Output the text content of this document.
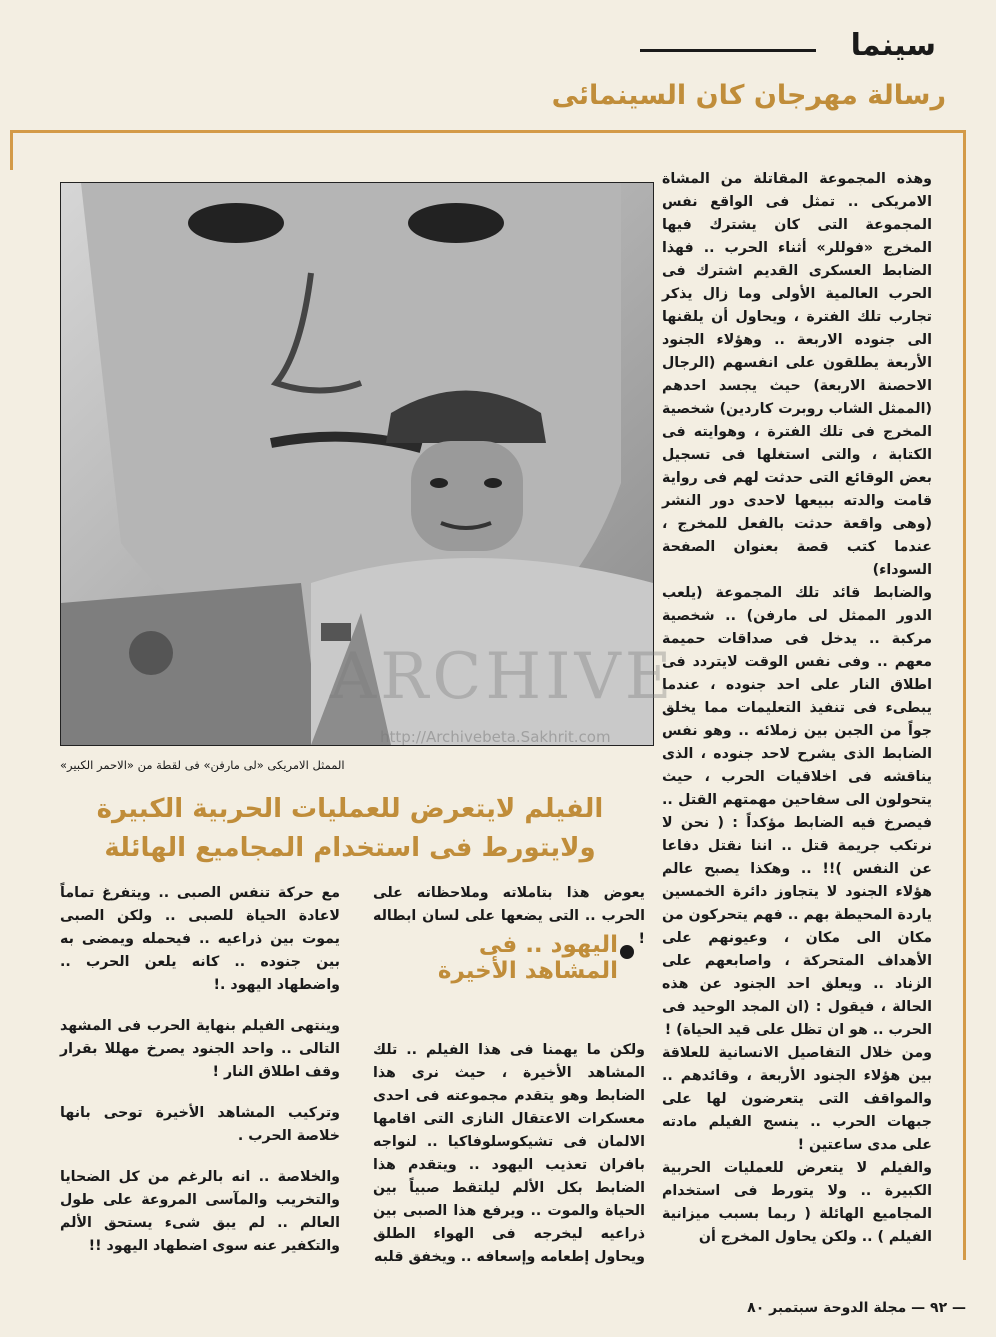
سينما
رسالة مهرجان كان السينمائى
ARCHIVE
http://Archivebeta.Sakhrit.com
الممثل الامريكى «لى مارفن» فى لقطة من «الاحمر الكبير»
الفيلم لايتعرض للعمليات الحربية الكبيرة
ولايتورط فى استخدام المجاميع الهائلة

وهذه المجموعة المقاتلة من المشاة الامريكى .. تمثل فى الواقع نفس المجموعة التى كان يشترك فيها المخرج «فوللر» أثناء الحرب .. فهذا الضابط العسكرى القديم اشترك فى الحرب العالمية الأولى وما زال يذكر تجارب تلك الفترة ، ويحاول أن يلقنها الى جنوده الاربعة .. وهؤلاء الجنود الأربعة يطلقون على انفسهم (الرجال الاحصنة الاربعة) حيث يجسد احدهم (الممثل الشاب روبرت كاردين) شخصية المخرج فى تلك الفترة ، وهوايته فى الكتابة ، والتى استغلها فى تسجيل بعض الوقائع التى حدثت لهم فى رواية قامت والدته ببيعها لاحدى دور النشر (وهى واقعة حدثت بالفعل للمخرج ، عندما كتب قصة بعنوان الصفحة السوداء)

والضابط قائد تلك المجموعة (يلعب الدور الممثل لى مارفن) .. شخصية مركبة .. يدخل فى صداقات حميمة معهم .. وفى نفس الوقت لايتردد فى اطلاق النار على احد جنوده ، عندما يبطىء فى تنفيذ التعليمات مما يخلق جواً من الجبن بين زملائه .. وهو نفس الضابط الذى يشرح لاحد جنوده ، الذى يناقشه فى اخلاقيات الحرب ، حيث يتحولون الى سفاحين مهمتهم القتل .. فيصرخ فيه الضابط مؤكداً : ( نحن لا نرتكب جريمة قتل .. اننا نقتل دفاعا عن النفس )!! .. وهكذا يصبح عالم هؤلاء الجنود لا يتجاوز دائرة الخمسين ياردة المحيطة بهم .. فهم يتحركون من مكان الى مكان ، وعيونهم على الأهداف المتحركة ، واصابعهم على الزناد .. ويعلق احد الجنود عن هذه الحالة ، فيقول : (ان المجد الوحيد فى الحرب .. هو ان تظل على قيد الحياة) !

ومن خلال التفاصيل الانسانية للعلاقة بين هؤلاء الجنود الأربعة ، وقائدهم .. والمواقف التى يتعرضون لها على جبهات الحرب .. ينسج الفيلم مادته على مدى ساعتين !

والفيلم لا يتعرض للعمليات الحربية الكبيرة .. ولا يتورط فى استخدام المجاميع الهائلة ( ربما بسبب ميزانية الفيلم ) .. ولكن يحاول المخرج أن

يعوض هذا بتاملاته وملاحظاته على الحرب .. التى يضعها على لسان ابطاله !

ولكن ما يهمنا فى هذا الفيلم .. تلك المشاهد الأخيرة ، حيث نرى هذا الضابط وهو يتقدم مجموعته فى احدى معسكرات الاعتقال النازى التى اقامها الالمان فى تشيكوسلوفاكيا .. لنواجه بافران تعذيب اليهود .. ويتقدم هذا الضابط بكل الألم ليلتقط صبياً بين الحياة والموت .. ويرفع هذا الصبى بين ذراعيه ليخرجه فى الهواء الطلق ويحاول إطعامه وإسعافه .. ويخفق قلبه

اليهود .. فى المشاهد الأخيرة

مع حركة تنفس الصبى .. ويتفرغ تماماً لاعادة الحياة للصبى .. ولكن الصبى يموت بين ذراعيه .. فيحمله ويمضى به بين جنوده .. كانه يلعن الحرب .. واضطهاد اليهود .!

وينتهى الفيلم بنهاية الحرب فى المشهد التالى .. واحد الجنود يصرخ مهللا بقرار وقف اطلاق النار !

وتركيب المشاهد الأخيرة توحى بانها خلاصة الحرب .

والخلاصة .. انه بالرغم من كل الضحايا والتخريب والمآسى المروعة على طول العالم .. لم يبق شىء يستحق الألم والتكفير عنه سوى اضطهاد اليهود !!

— ٩٢ — مجلة الدوحة سبتمبر ٨٠
